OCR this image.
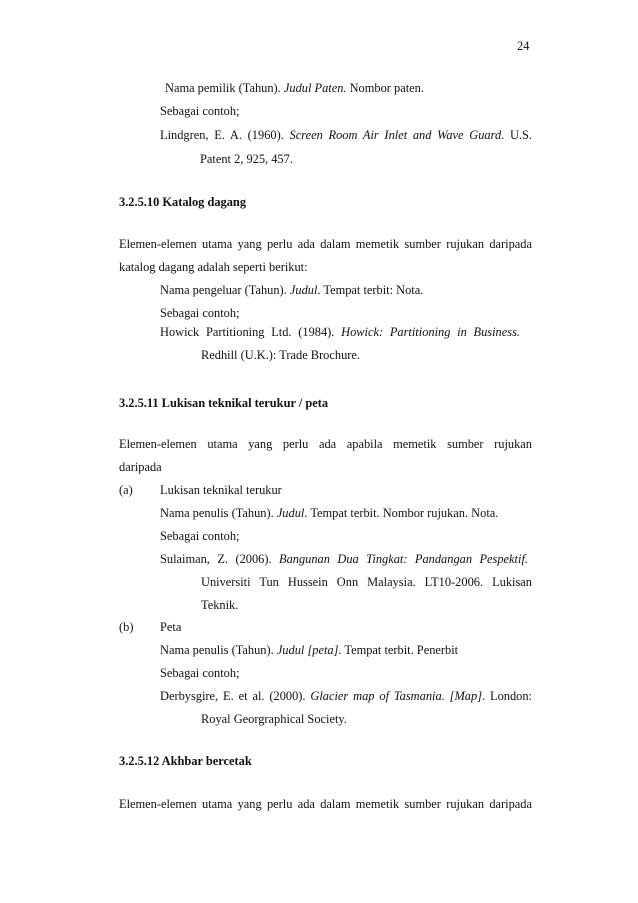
24
Nama pemilik (Tahun). Judul Paten. Nombor paten.
Sebagai contoh;
Lindgren, E. A. (1960). Screen Room Air Inlet and Wave Guard. U.S.
Patent 2, 925, 457.
3.2.5.10 Katalog dagang
Elemen-elemen utama yang perlu ada dalam memetik sumber rujukan daripada
katalog dagang adalah seperti berikut:
Nama pengeluar (Tahun). Judul. Tempat terbit: Nota.
Sebagai contoh;
Howick Partitioning Ltd. (1984). Howick: Partitioning in Business.
Redhill (U.K.): Trade Brochure.
3.2.5.11 Lukisan teknikal terukur / peta
Elemen-elemen utama yang perlu ada apabila memetik sumber rujukan
daripada
(a) Lukisan teknikal terukur
Nama penulis (Tahun). Judul. Tempat terbit. Nombor rujukan. Nota.
Sebagai contoh;
Sulaiman, Z. (2006). Bangunan Dua Tingkat: Pandangan Pespektif.
Universiti Tun Hussein Onn Malaysia. LT10-2006. Lukisan
Teknik.
(b) Peta
Nama penulis (Tahun). Judul [peta]. Tempat terbit. Penerbit
Sebagai contoh;
Derbysgire, E. et al. (2000). Glacier map of Tasmania. [Map]. London:
Royal Georgraphical Society.
3.2.5.12 Akhbar bercetak
Elemen-elemen utama yang perlu ada dalam memetik sumber rujukan daripada
